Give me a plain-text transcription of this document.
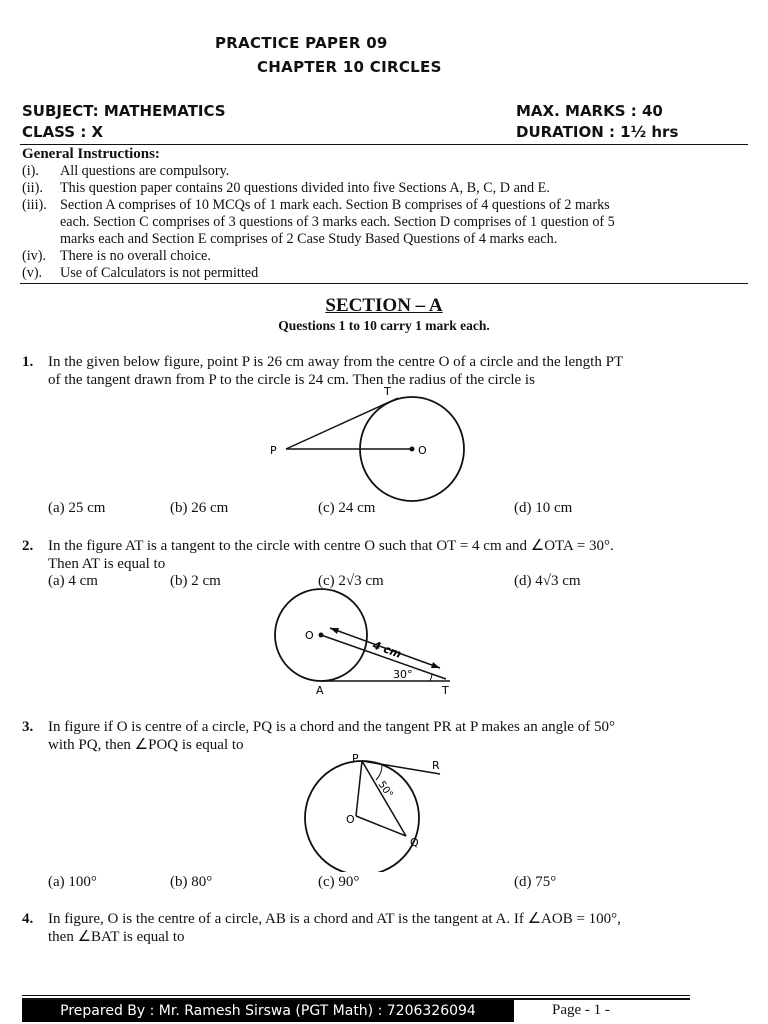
PRACTICE PAPER 09
CHAPTER 10 CIRCLES
SUBJECT: MATHEMATICS
CLASS : X
MAX. MARKS : 40
DURATION : 1½ hrs
General Instructions:
(i). All questions are compulsory.
(ii). This question paper contains 20 questions divided into five Sections A, B, C, D and E.
(iii). Section A comprises of 10 MCQs of 1 mark each. Section B comprises of 4 questions of 2 marks
each. Section C comprises of 3 questions of 3 marks each. Section D comprises of 1 question of 5
marks each and Section E comprises of 2 Case Study Based Questions of 4 marks each.
(iv). There is no overall choice.
(v). Use of Calculators is not permitted
SECTION – A
Questions 1 to 10 carry 1 mark each.
1. In the given below figure, point P is 26 cm away from the centre O of a circle and the length PT
of the tangent drawn from P to the circle is 24 cm. Then the radius of the circle is
P	O
T
(a) 25 cm	(b) 26 cm	(c) 24 cm	(d) 10 cm
2. In the figure AT is a tangent to the circle with centre O such that OT = 4 cm and ∠OTA = 30°.
Then AT is equal to
(a) 4 cm	(b) 2 cm	(c) 2√3 cm	(d) 4√3 cm
O
A	T
4 cm
30°
3. In figure if O is centre of a circle, PQ is a chord and the tangent PR at P makes an angle of 50°
with PQ, then ∠POQ is equal to
P
R
O
Q
50°
(a) 100°	(b) 80°	(c) 90°	(d) 75°
4. In figure, O is the centre of a circle, AB is a chord and AT is the tangent at A. If ∠AOB = 100°,
then ∠BAT is equal to
Prepared By : Mr. Ramesh Sirswa (PGT Math) : 7206326094	Page - 1 -
